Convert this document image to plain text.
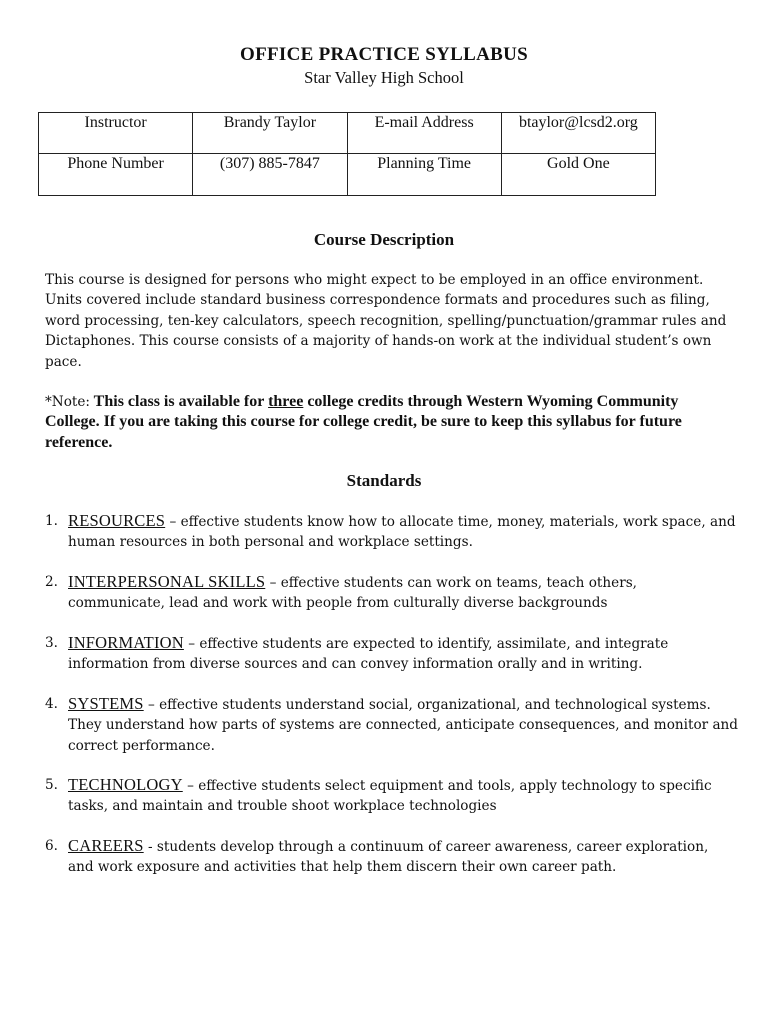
OFFICE PRACTICE SYLLABUS
Star Valley High School
Instructor	Brandy Taylor	E-mail Address	btaylor@lcsd2.org
Phone Number	(307) 885-7847	Planning Time	Gold One
Course Description
This course is designed for persons who might expect to be employed in an office environment. Units covered include standard business correspondence formats and procedures such as filing, word processing, ten-key calculators, speech recognition, spelling/punctuation/grammar rules and Dictaphones. This course consists of a majority of hands-on work at the individual student’s own pace.
*Note: This class is available for three college credits through Western Wyoming Community College. If you are taking this course for college credit, be sure to keep this syllabus for future reference.
Standards
1. RESOURCES – effective students know how to allocate time, money, materials, work space, and human resources in both personal and workplace settings.
2. INTERPERSONAL SKILLS – effective students can work on teams, teach others, communicate, lead and work with people from culturally diverse backgrounds
3. INFORMATION – effective students are expected to identify, assimilate, and integrate information from diverse sources and can convey information orally and in writing.
4. SYSTEMS – effective students understand social, organizational, and technological systems. They understand how parts of systems are connected, anticipate consequences, and monitor and correct performance.
5. TECHNOLOGY – effective students select equipment and tools, apply technology to specific tasks, and maintain and trouble shoot workplace technologies
6. CAREERS - students develop through a continuum of career awareness, career exploration, and work exposure and activities that help them discern their own career path.
